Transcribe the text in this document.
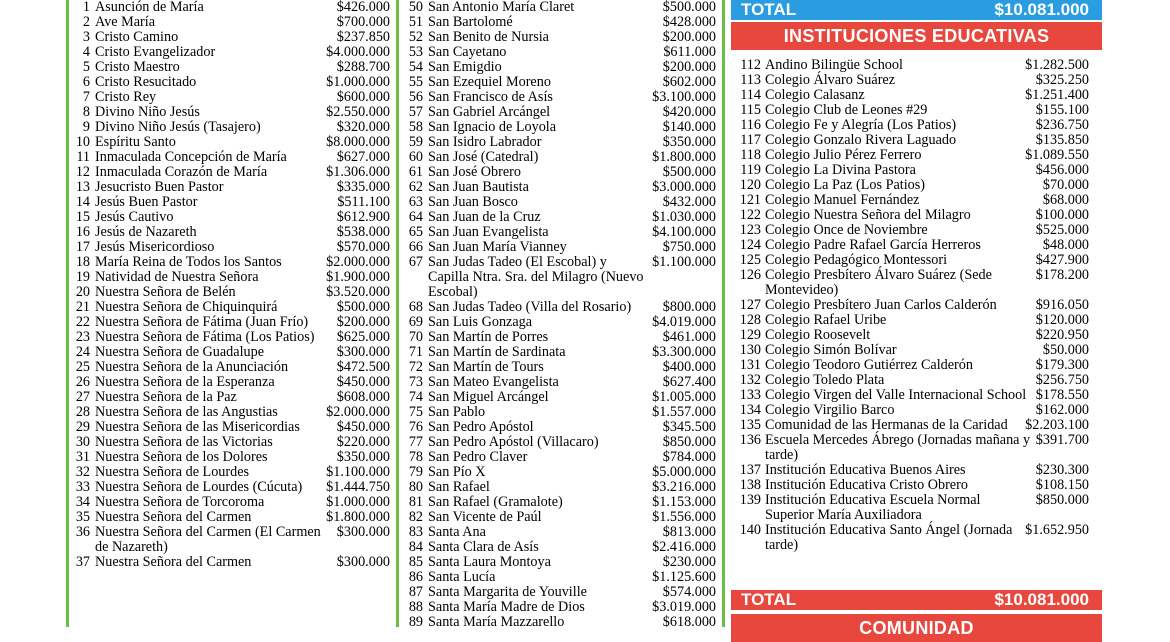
1 Asunción de María	$426.000
2 Ave María	$700.000
3 Cristo Camino	$237.850
4 Cristo Evangelizador	$4.000.000
5 Cristo Maestro	$288.700
6 Cristo Resucitado	$1.000.000
7 Cristo Rey	$600.000
8 Divino Niño Jesús	$2.550.000
9 Divino Niño Jesús (Tasajero)	$320.000
10 Espíritu Santo	$8.000.000
11 Inmaculada Concepción de María	$627.000
12 Inmaculada Corazón de María	$1.306.000
13 Jesucristo Buen Pastor	$335.000
14 Jesús Buen Pastor	$511.100
15 Jesús Cautivo	$612.900
16 Jesús de Nazareth	$538.000
17 Jesús Misericordioso	$570.000
18 María Reina de Todos los Santos	$2.000.000
19 Natividad de Nuestra Señora	$1.900.000
20 Nuestra Señora de Belén	$3.520.000
21 Nuestra Señora de Chiquinquirá	$500.000
22 Nuestra Señora de Fátima (Juan Frío)	$200.000
23 Nuestra Señora de Fátima (Los Patios)	$625.000
24 Nuestra Señora de Guadalupe	$300.000
25 Nuestra Señora de la Anunciación	$472.500
26 Nuestra Señora de la Esperanza	$450.000
27 Nuestra Señora de la Paz	$608.000
28 Nuestra Señora de las Angustias	$2.000.000
29 Nuestra Señora de las Misericordias	$450.000
30 Nuestra Señora de las Victorias	$220.000
31 Nuestra Señora de los Dolores	$350.000
32 Nuestra Señora de Lourdes	$1.100.000
33 Nuestra Señora de Lourdes (Cúcuta)	$1.444.750
34 Nuestra Señora de Torcoroma	$1.000.000
35 Nuestra Señora del Carmen	$1.800.000
36 Nuestra Señora del Carmen (El Carmen de Nazareth)
$300.000
37 Nuestra Señora del Carmen	$300.000
50 San Antonio María Claret	$500.000
51 San Bartolomé	$428.000
52 San Benito de Nursia	$200.000
53 San Cayetano	$611.000
54 San Emigdio	$200.000
55 San Ezequiel Moreno	$602.000
56 San Francisco de Asís	$3.100.000
57 San Gabriel Arcángel	$420.000
58 San Ignacio de Loyola	$140.000
59 San Isidro Labrador	$350.000
60 San José (Catedral)	$1.800.000
61 San José Obrero	$500.000
62 San Juan Bautista	$3.000.000
63 San Juan Bosco	$432.000
64 San Juan de la Cruz	$1.030.000
65 San Juan Evangelista	$4.100.000
66 San Juan María Vianney	$750.000
67 San Judas Tadeo (El Escobal) y Capilla Ntra. Sra. del Milagro (Nuevo Escobal)
$1.100.000
68 San Judas Tadeo (Villa del Rosario)	$800.000
69 San Luis Gonzaga	$4.019.000
70 San Martín de Porres	$461.000
71 San Martín de Sardinata	$3.300.000
72 San Martín de Tours	$400.000
73 San Mateo Evangelista	$627.400
74 San Miguel Arcángel	$1.005.000
75 San Pablo	$1.557.000
76 San Pedro Apóstol	$345.500
77 San Pedro Apóstol (Villacaro)	$850.000
78 San Pedro Claver	$784.000
79 San Pío X	$5.000.000
80 San Rafael	$3.216.000
81 San Rafael (Gramalote)	$1.153.000
82 San Vicente de Paúl	$1.556.000
83 Santa Ana	$813.000
84 Santa Clara de Asís	$2.416.000
85 Santa Laura Montoya	$230.000
86 Santa Lucía	$1.125.600
87 Santa Margarita de Youville	$574.000
88 Santa María Madre de Dios	$3.019.000
89 Santa María Mazzarello	$618.000
TOTAL	$10.081.000
INSTITUCIONES EDUCATIVAS
112 Andino Bilingüe School	$1.282.500
113 Colegio Álvaro Suárez	$325.250
114 Colegio Calasanz	$1.251.400
115 Colegio Club de Leones #29	$155.100
116 Colegio Fe y Alegría (Los Patios)	$236.750
117 Colegio Gonzalo Rivera Laguado	$135.850
118 Colegio Julio Pérez Ferrero	$1.089.550
119 Colegio La Divina Pastora	$456.000
120 Colegio La Paz (Los Patios)	$70.000
121 Colegio Manuel Fernández	$68.000
122 Colegio Nuestra Señora del Milagro	$100.000
123 Colegio Once de Noviembre	$525.000
124 Colegio Padre Rafael García Herreros	$48.000
125 Colegio Pedagógico Montessori	$427.900
126 Colegio Presbítero Álvaro Suárez (Sede Montevideo)
$178.200
127 Colegio Presbítero Juan Carlos Calderón	$916.050
128 Colegio Rafael Uribe	$120.000
129 Colegio Roosevelt	$220.950
130 Colegio Simón Bolívar	$50.000
131 Colegio Teodoro Gutiérrez Calderón	$179.300
132 Colegio Toledo Plata	$256.750
133 Colegio Virgen del Valle Internacional School $178.550
134 Colegio Virgilio Barco	$162.000
135 Comunidad de las Hermanas de la Caridad	$2.203.100
136 Escuela Mercedes Ábrego (Jornadas mañana y tarde)
$391.700
137 Institución Educativa Buenos Aires	$230.300
138 Institución Educativa Cristo Obrero	$108.150
139 Institución Educativa Escuela Normal Superior María Auxiliadora
$850.000
140 Institución Educativa Santo Ángel (Jornada tarde)
$1.652.950
TOTAL	$10.081.000
COMUNIDAD
